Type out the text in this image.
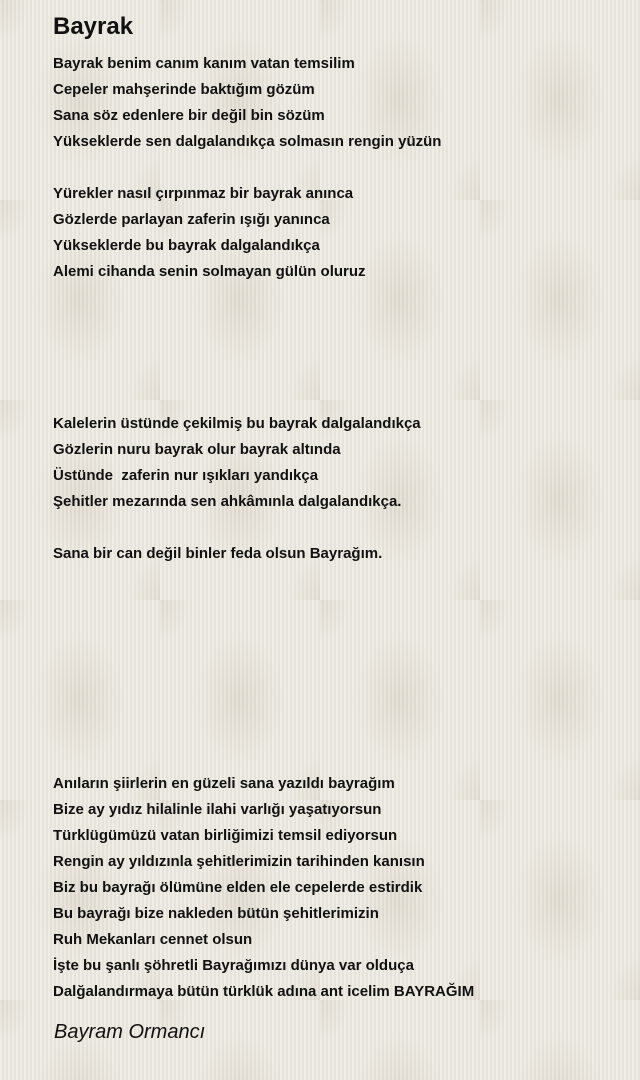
Bayrak
Bayrak benim canım kanım vatan temsilim
Cepeler mahşerinde baktığım gözüm
Sana söz edenlere bir değil bin sözüm
Yükseklerde sen dalgalandıkça solmasın rengin yüzün
Yürekler nasıl çırpınmaz bir bayrak anınca
Gözlerde parlayan zaferin ışığı yanınca
Yükseklerde bu bayrak dalgalandıkça
Alemi cihanda senin solmayan gülün oluruz
Kalelerin üstünde çekilmiş bu bayrak dalgalandıkça
Gözlerin nuru bayrak olur bayrak altında
Üstünde  zaferin nur ışıkları yandıkça
Şehitler mezarında sen ahkâmınla dalgalandıkça.
Sana bir can değil binler feda olsun Bayrağım.
Anıların şiirlerin en güzeli sana yazıldı bayrağım
Bize ay yıdız hilalinle ilahi varlığı yaşatıyorsun
Türklügümüzü vatan birliğimizi temsil ediyorsun
Rengin ay yıldızınla şehitlerimizin tarihinden kanısın
Biz bu bayrağı ölümüne elden ele cepelerde estirdik
Bu bayrağı bize nakleden bütün şehitlerimizin
Ruh Mekanları cennet olsun
İşte bu şanlı şöhretli Bayrağımızı dünya var olduça
Dalğalandırmaya bütün türklük adına ant icelim BAYRAĞIM
Bayram Ormancı
